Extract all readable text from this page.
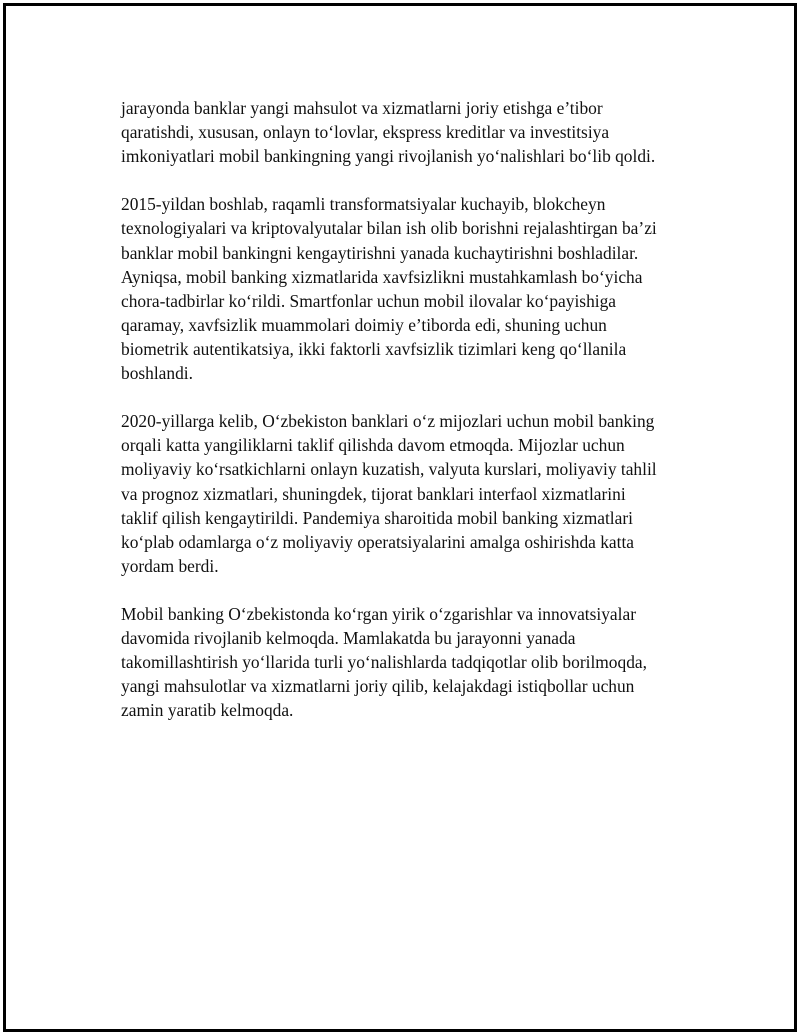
jarayonda banklar yangi mahsulot va xizmatlarni joriy etishga e’tibor
qaratishdi, xususan, onlayn to‘lovlar, ekspress kreditlar va investitsiya
imkoniyatlari mobil bankingning yangi rivojlanish yo‘nalishlari bo‘lib qoldi.

2015-yildan boshlab, raqamli transformatsiyalar kuchayib, blokcheyn
texnologiyalari va kriptovalyutalar bilan ish olib borishni rejalashtirgan ba’zi
banklar mobil bankingni kengaytirishni yanada kuchaytirishni boshladilar.
Ayniqsa, mobil banking xizmatlarida xavfsizlikni mustahkamlash bo‘yicha
chora-tadbirlar ko‘rildi. Smartfonlar uchun mobil ilovalar ko‘payishiga
qaramay, xavfsizlik muammolari doimiy e’tiborda edi, shuning uchun
biometrik autentikatsiya, ikki faktorli xavfsizlik tizimlari keng qo‘llanila
boshlandi.

2020-yillarga kelib, O‘zbekiston banklari o‘z mijozlari uchun mobil banking
orqali katta yangiliklarni taklif qilishda davom etmoqda. Mijozlar uchun
moliyaviy ko‘rsatkichlarni onlayn kuzatish, valyuta kurslari, moliyaviy tahlil
va prognoz xizmatlari, shuningdek, tijorat banklari interfaol xizmatlarini
taklif qilish kengaytirildi. Pandemiya sharoitida mobil banking xizmatlari
ko‘plab odamlarga o‘z moliyaviy operatsiyalarini amalga oshirishda katta
yordam berdi.

Mobil banking O‘zbekistonda ko‘rgan yirik o‘zgarishlar va innovatsiyalar
davomida rivojlanib kelmoqda. Mamlakatda bu jarayonni yanada
takomillashtirish yo‘llarida turli yo‘nalishlarda tadqiqotlar olib borilmoqda,
yangi mahsulotlar va xizmatlarni joriy qilib, kelajakdagi istiqbollar uchun
zamin yaratib kelmoqda.
